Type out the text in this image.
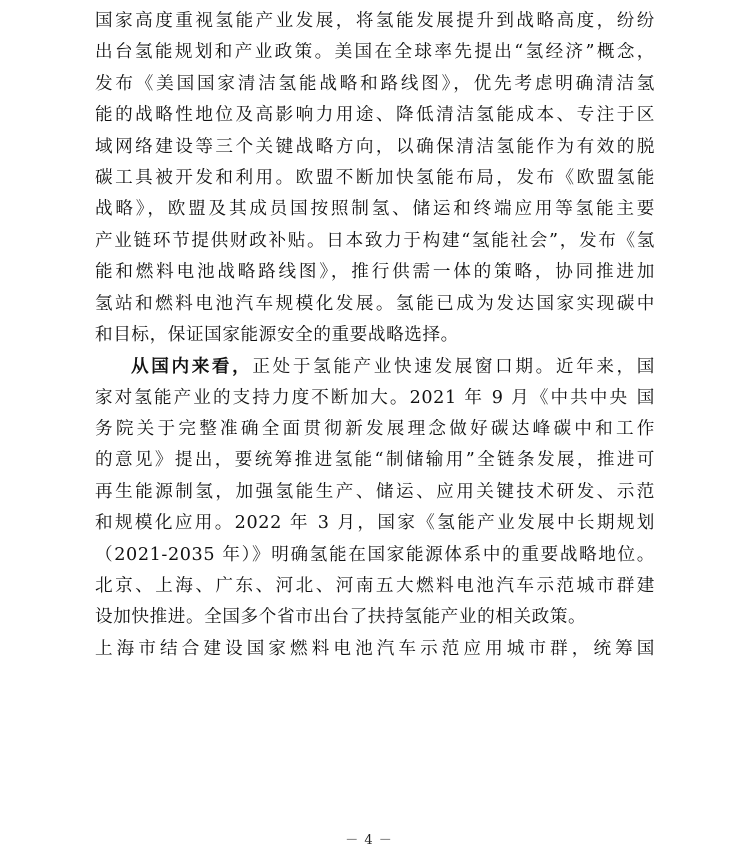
国家高度重视氢能产业发展，将氢能发展提升到战略高度，纷纷
出台氢能规划和产业政策。美国在全球率先提出“氢经济”概念，
发布《美国国家清洁氢能战略和路线图》，优先考虑明确清洁氢
能的战略性地位及高影响力用途、降低清洁氢能成本、专注于区
域网络建设等三个关键战略方向，以确保清洁氢能作为有效的脱
碳工具被开发和利用。欧盟不断加快氢能布局，发布《欧盟氢能
战略》，欧盟及其成员国按照制氢、储运和终端应用等氢能主要
产业链环节提供财政补贴。日本致力于构建“氢能社会”，发布《氢
能和燃料电池战略路线图》，推行供需一体的策略，协同推进加
氢站和燃料电池汽车规模化发展。氢能已成为发达国家实现碳中
和目标，保证国家能源安全的重要战略选择。
从国内来看，正处于氢能产业快速发展窗口期。近年来，国
家对氢能产业的支持力度不断加大。2021 年 9 月《中共中央 国
务院关于完整准确全面贯彻新发展理念做好碳达峰碳中和工作
的意见》提出，要统筹推进氢能“制储输用”全链条发展，推进可
再生能源制氢，加强氢能生产、储运、应用关键技术研发、示范
和规模化应用。2022 年 3 月，国家《氢能产业发展中长期规划
（2021-2035 年）》明确氢能在国家能源体系中的重要战略地位。
北京、上海、广东、河北、河南五大燃料电池汽车示范城市群建
设加快推进。全国多个省市出台了扶持氢能产业的相关政策。
上海市结合建设国家燃料电池汽车示范应用城市群，统筹国
－ 4 －
